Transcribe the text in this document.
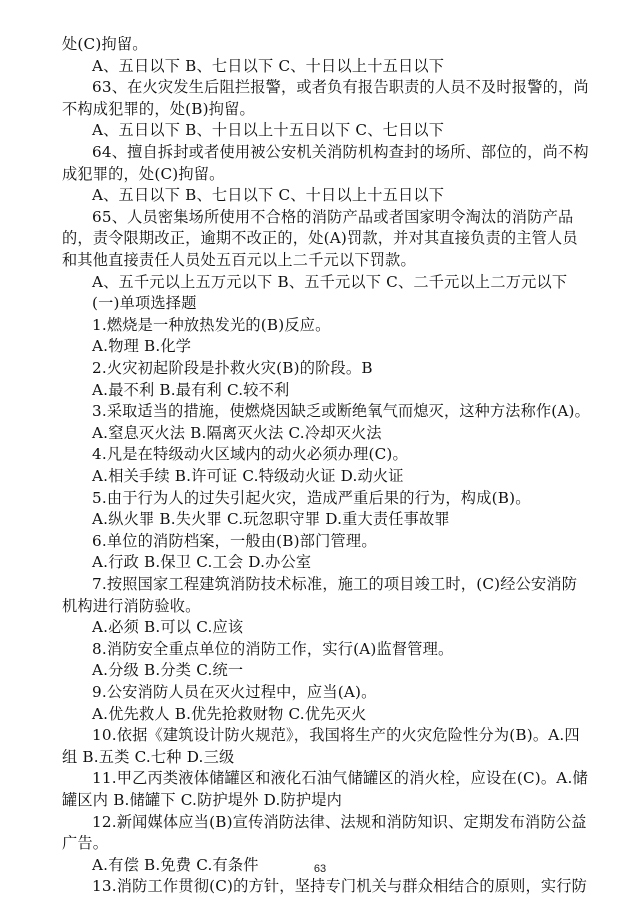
处(C)拘留。
A、五日以下 B、七日以下 C、十日以上十五日以下
63、在火灾发生后阻拦报警，或者负有报告职责的人员不及时报警的，尚
不构成犯罪的，处(B)拘留。
A、五日以下 B、十日以上十五日以下 C、七日以下
64、擅自拆封或者使用被公安机关消防机构查封的场所、部位的，尚不构
成犯罪的，处(C)拘留。
A、五日以下 B、七日以下 C、十日以上十五日以下
65、人员密集场所使用不合格的消防产品或者国家明令淘汰的消防产品
的，责令限期改正，逾期不改正的，处(A)罚款，并对其直接负责的主管人员
和其他直接责任人员处五百元以上二千元以下罚款。
A、五千元以上五万元以下 B、五千元以下 C、二千元以上二万元以下
(一)单项选择题
1.燃烧是一种放热发光的(B)反应。
A.物理 B.化学
2.火灾初起阶段是扑救火灾(B)的阶段。B
A.最不利 B.最有利 C.较不利
3.采取适当的措施，使燃烧因缺乏或断绝氧气而熄灭，这种方法称作(A)。
A.窒息灭火法 B.隔离灭火法 C.冷却灭火法
4.凡是在特级动火区域内的动火必须办理(C)。
A.相关手续 B.许可证 C.特级动火证 D.动火证
5.由于行为人的过失引起火灾，造成严重后果的行为，构成(B)。
A.纵火罪 B.失火罪 C.玩忽职守罪 D.重大责任事故罪
6.单位的消防档案，一般由(B)部门管理。
A.行政 B.保卫 C.工会 D.办公室
7.按照国家工程建筑消防技术标准，施工的项目竣工时，(C)经公安消防
机构进行消防验收。
A.必须 B.可以 C.应该
8.消防安全重点单位的消防工作，实行(A)监督管理。
A.分级 B.分类 C.统一
9.公安消防人员在灭火过程中，应当(A)。
A.优先救人 B.优先抢救财物 C.优先灭火
10.依据《建筑设计防火规范》，我国将生产的火灾危险性分为(B)。A.四
组 B.五类 C.七种 D.三级
11.甲乙丙类液体储罐区和液化石油气储罐区的消火栓，应设在(C)。A.储
罐区内 B.储罐下 C.防护堤外 D.防护堤内
12.新闻媒体应当(B)宣传消防法律、法规和消防知识、定期发布消防公益
广告。
A.有偿 B.免费 C.有条件
13.消防工作贯彻(C)的方针，坚持专门机关与群众相结合的原则，实行防
63
